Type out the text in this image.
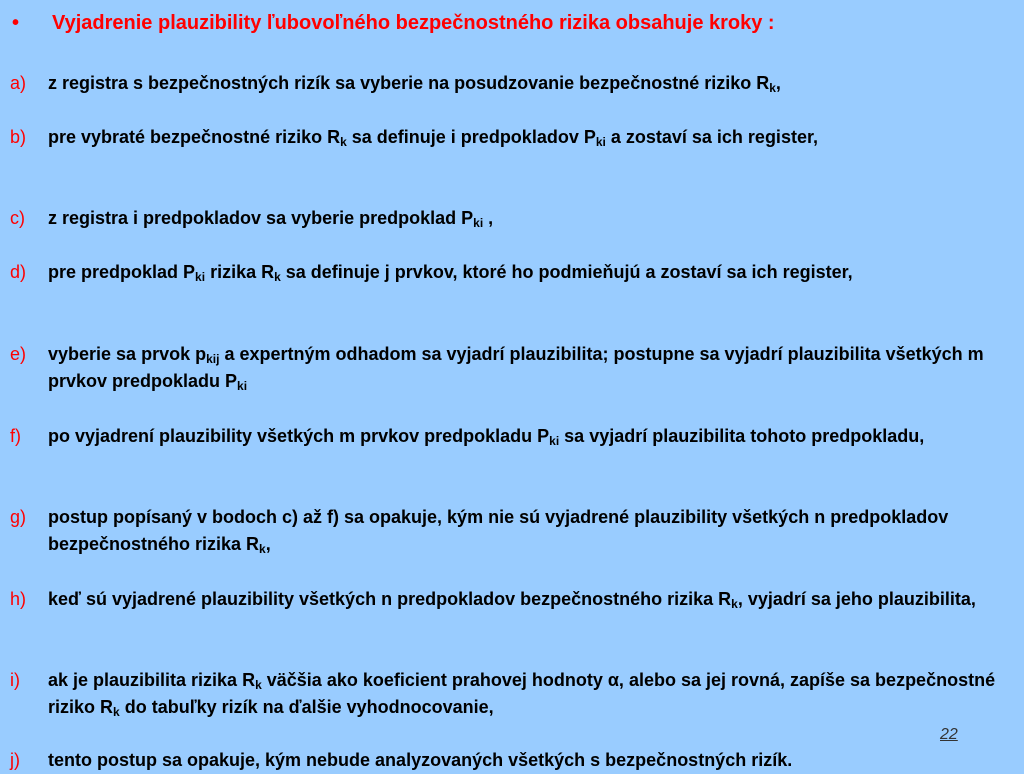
• Vyjadrenie plauzibility ľubovoľného bezpečnostného rizika obsahuje kroky :
a) z registra s bezpečnostných rizík sa vyberie na posudzovanie bezpečnostné riziko $R_k$,
b) pre vybraté bezpečnostné riziko $R_k$ sa definuje i predpokladov $P_{ki}$ a zostaví sa ich register,
c) z registra i predpokladov sa vyberie predpoklad $P_{ki}$ ,
d) pre predpoklad $P_{ki}$ rizika $R_k$ sa definuje j prvkov, ktoré ho podmieňujú a zostaví sa ich register,
e) vyberie sa prvok $p_{kij}$ a expertným odhadom sa vyjadrí plauzibilita; postupne sa vyjadrí plauzibilita všetkých m prvkov predpokladu $P_{ki}$
f) po vyjadrení plauzibility všetkých m prvkov predpokladu $P_{ki}$ sa vyjadrí plauzibilita tohoto predpokladu,
g) postup popísaný v bodoch c) až f) sa opakuje, kým nie sú vyjadrené plauzibility všetkých n predpokladov bezpečnostného rizika $R_k$,
h) keď sú vyjadrené plauzibility všetkých n predpokladov bezpečnostného rizika $R_k$, vyjadrí sa jeho plauzibilita,
i) ak je plauzibilita rizika $R_k$ väčšia ako koeficient prahovej hodnoty α, alebo sa jej rovná, zapíše sa bezpečnostné riziko $R_k$ do tabuľky rizík na ďalšie vyhodnocovanie,
j) tento postup sa opakuje, kým nebude analyzovaných všetkých s bezpečnostných rizík.
22
